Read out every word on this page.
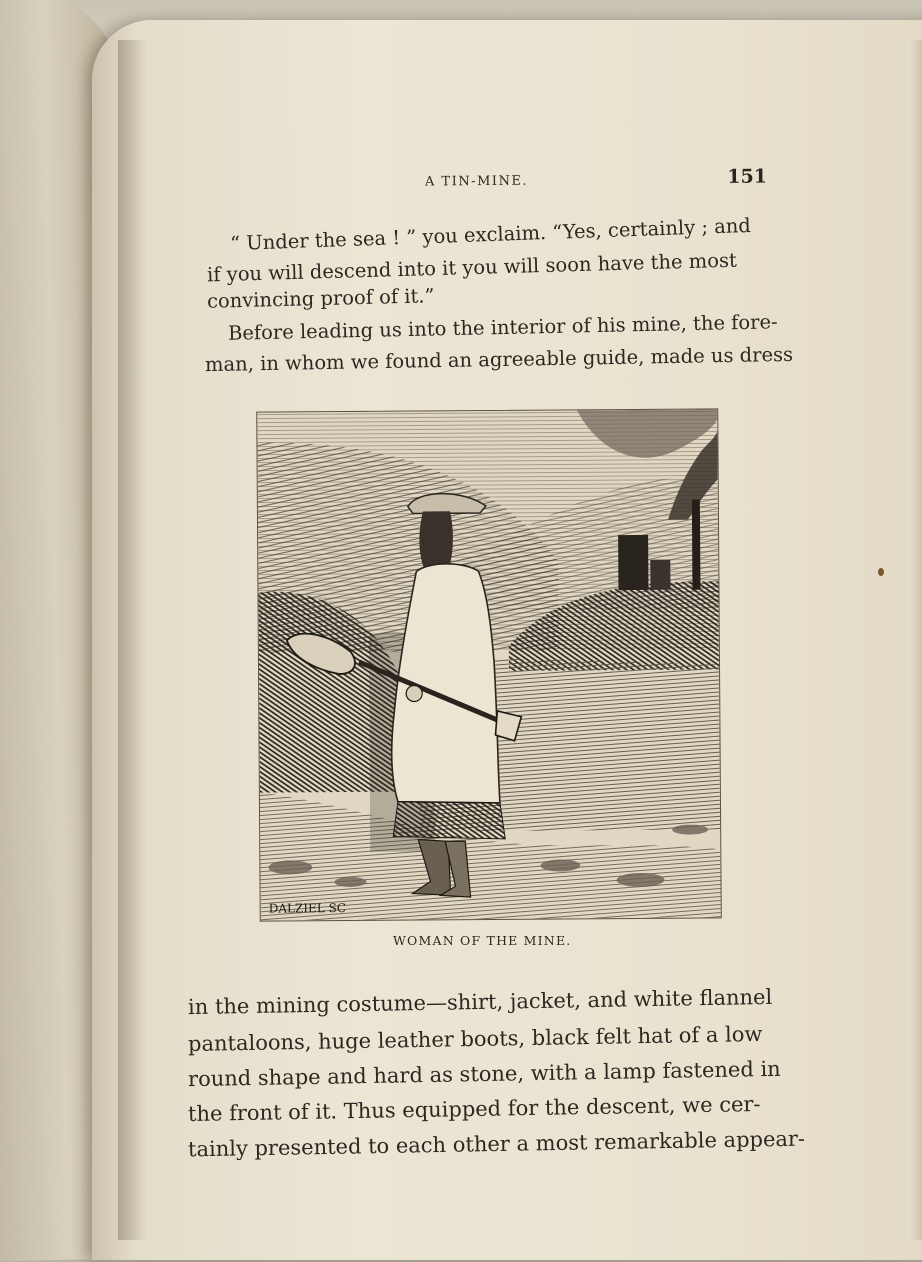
A TIN-MINE.	151
“ Under the sea ! ” you exclaim. “Yes, certainly ; and
if you will descend into it you will soon have the most
convincing proof of it.”
Before leading us into the interior of his mine, the fore-
man, in whom we found an agreeable guide, made us dress
DALZIEL SC
WOMAN OF THE MINE.
in the mining costume—shirt, jacket, and white flannel
pantaloons, huge leather boots, black felt hat of a low
round shape and hard as stone, with a lamp fastened in
the front of it. Thus equipped for the descent, we cer-
tainly presented to each other a most remarkable appear-
